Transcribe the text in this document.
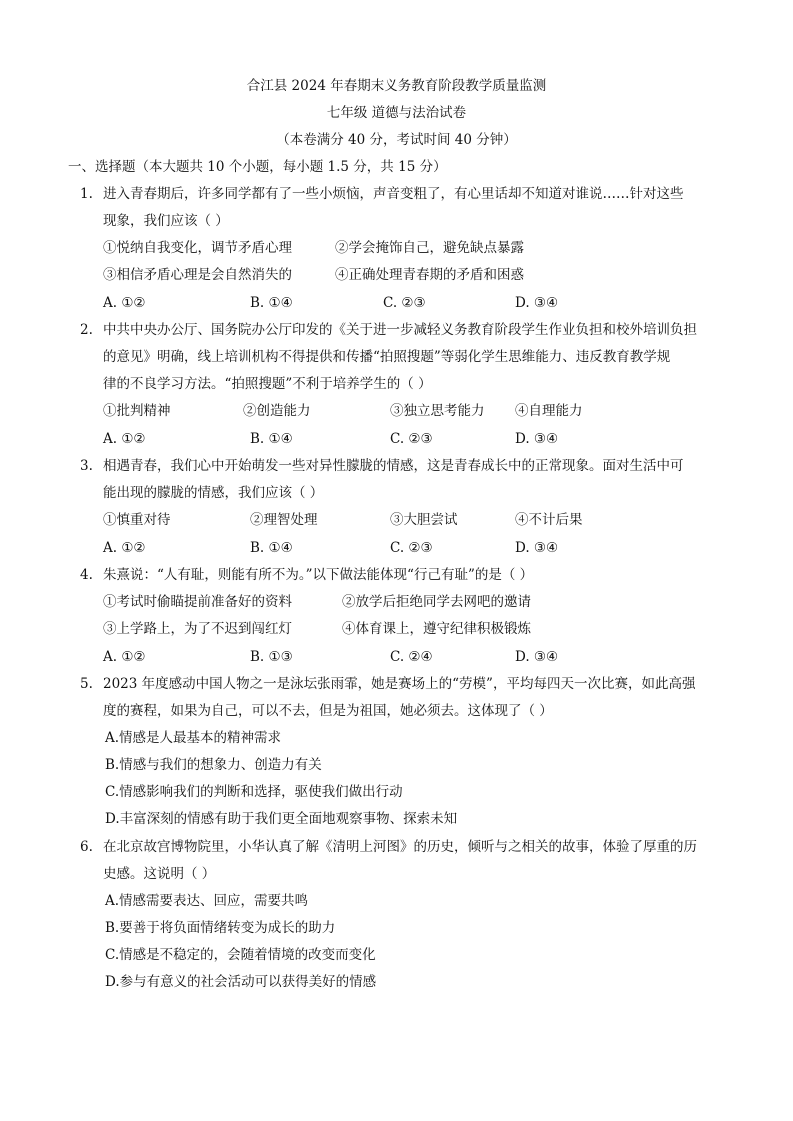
合江县 2024 年春期末义务教育阶段教学质量监测
七年级 道德与法治试卷
（本卷满分 40 分，考试时间 40 分钟）
一、选择题（本大题共 10 个小题，每小题 1.5 分，共 15 分）
1. 进入青春期后，许多同学都有了一些小烦恼，声音变粗了，有心里话却不知道对谁说……针对这些
现象，我们应该（ ）
①悦纳自我变化，调节矛盾心理	②学会掩饰自己，避免缺点暴露
③相信矛盾心理是会自然消失的	④正确处理青春期的矛盾和困惑
A. ①②	B. ①④	C. ②③	D. ③④
2. 中共中央办公厅、国务院办公厅印发的《关于进一步减轻义务教育阶段学生作业负担和校外培训负担
的意见》明确，线上培训机构不得提供和传播“拍照搜题”等弱化学生思维能力、违反教育教学规
律的不良学习方法。“拍照搜题”不利于培养学生的（ ）
①批判精神	②创造能力	③独立思考能力 ④自理能力
A. ①②	B. ①④	C. ②③	D. ③④
3. 相遇青春，我们心中开始萌发一些对异性朦胧的情感，这是青春成长中的正常现象。面对生活中可
能出现的朦胧的情感，我们应该（ ）
①慎重对待	②理智处理	③大胆尝试	④不计后果
A. ①②	B. ①④	C. ②③	D. ③④
4. 朱熹说：“人有耻，则能有所不为。”以下做法能体现“行己有耻”的是（ ）
①考试时偷瞄提前准备好的资料	②放学后拒绝同学去网吧的邀请
③上学路上，为了不迟到闯红灯	④体育课上，遵守纪律积极锻炼
A. ①②	B. ①③	C. ②④	D. ③④
5. 2023 年度感动中国人物之一是泳坛张雨霏，她是赛场上的“劳模”，平均每四天一次比赛，如此高强
度的赛程，如果为自己，可以不去，但是为祖国，她必须去。这体现了（ ）
A.情感是人最基本的精神需求
B.情感与我们的想象力、创造力有关
C.情感影响我们的判断和选择，驱使我们做出行动
D.丰富深刻的情感有助于我们更全面地观察事物、探索未知
6. 在北京故宫博物院里，小华认真了解《清明上河图》的历史，倾听与之相关的故事，体验了厚重的历
史感。这说明（ ）
A.情感需要表达、回应，需要共鸣
B.要善于将负面情绪转变为成长的助力
C.情感是不稳定的，会随着情境的改变而变化
D.参与有意义的社会活动可以获得美好的情感
